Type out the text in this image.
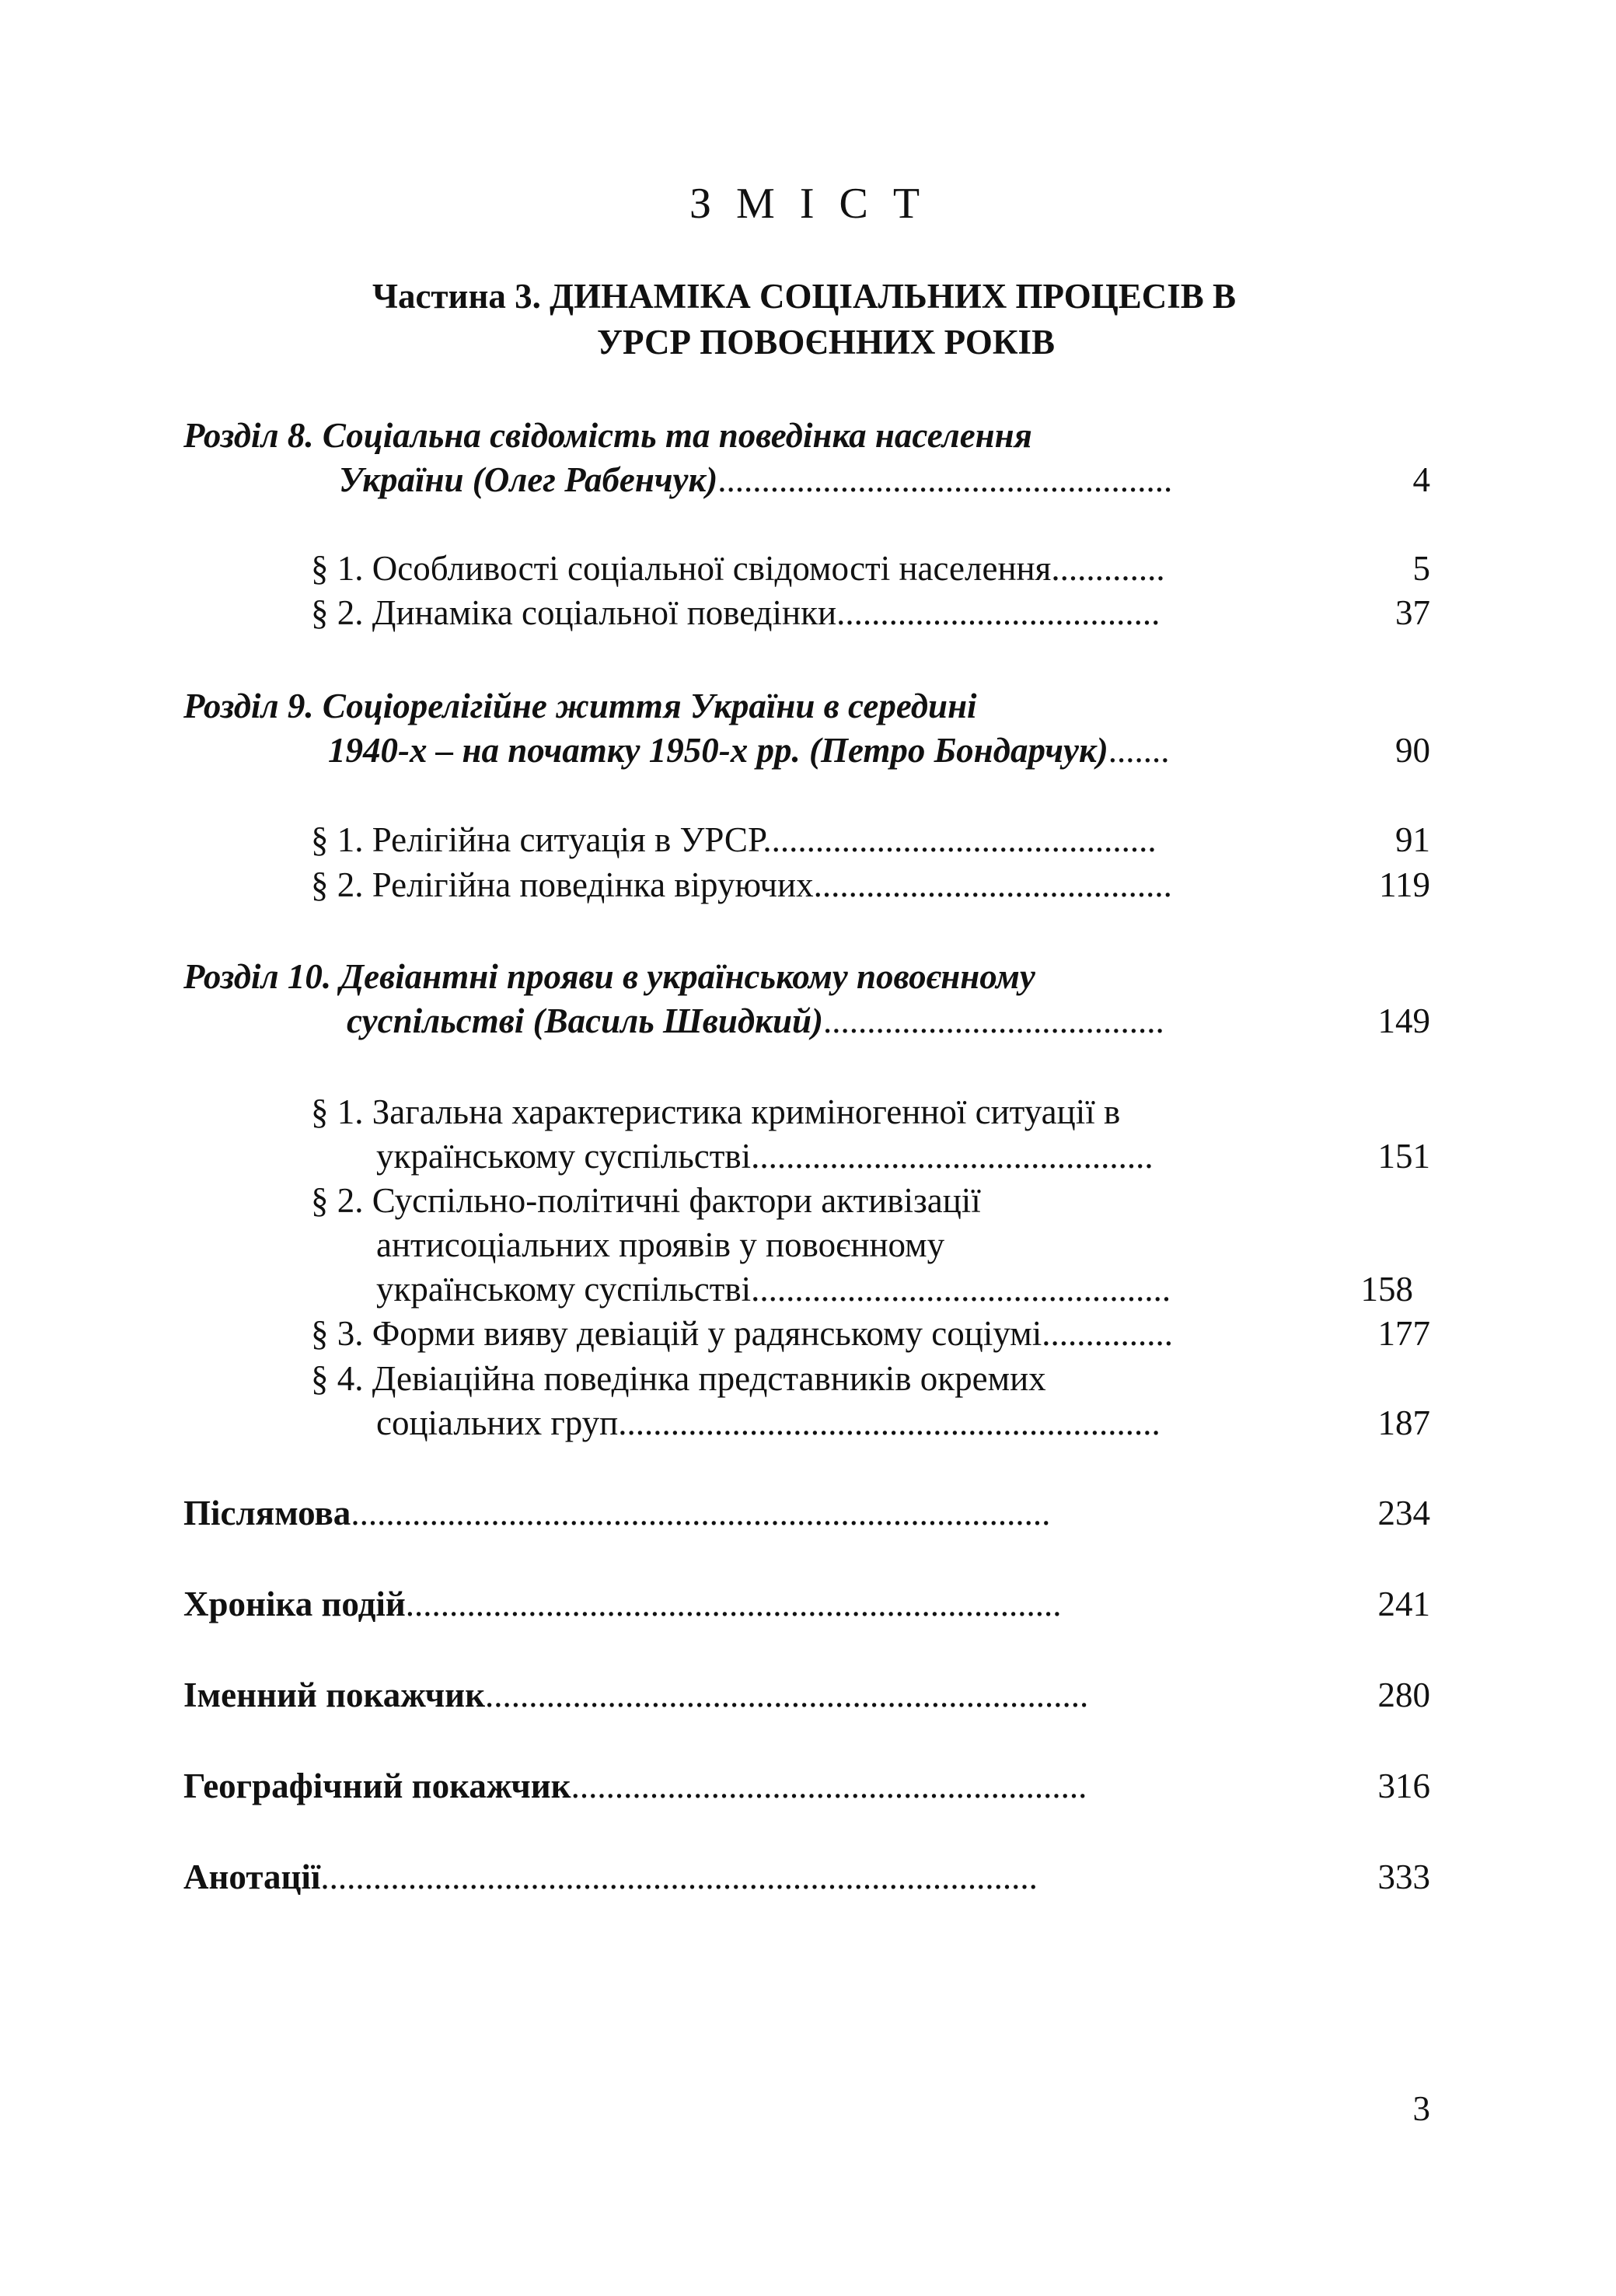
З М І С Т
Частина 3. ДИНАМІКА СОЦІАЛЬНИХ ПРОЦЕСІВ В
УРСР ПОВОЄННИХ РОКІВ
Розділ 8. Соціальна свідомість та поведінка населення
України (Олег Рабенчук)....................................................	4
§ 1. Особливості соціальної свідомості населення.............	5
§ 2. Динаміка соціальної поведінки.....................................	37
Розділ 9. Соціорелігійне життя України в середині
1940-х – на початку 1950-х рр. (Петро Бондарчук).......	90
§ 1. Релігійна ситуація в УРСР.............................................	91
§ 2. Релігійна поведінка віруючих.........................................	119
Розділ 10. Девіантні прояви в українському повоєнному
суспільстві (Василь Швидкий).......................................	149
§ 1. Загальна характеристика криміногенної ситуації в
українському суспільстві..............................................	151
§ 2. Суспільно-політичні фактори активізації
антисоціальних проявів у повоєнному
українському суспільстві................................................	158
§ 3. Форми вияву девіацій у радянському соціумі...............	177
§ 4. Девіаційна поведінка представників окремих
соціальних груп..............................................................	187
Післямова................................................................................	234
Хроніка подій...........................................................................	241
Іменний покажчик.....................................................................	280
Географічний покажчик...........................................................	316
Анотації..................................................................................	333
3
